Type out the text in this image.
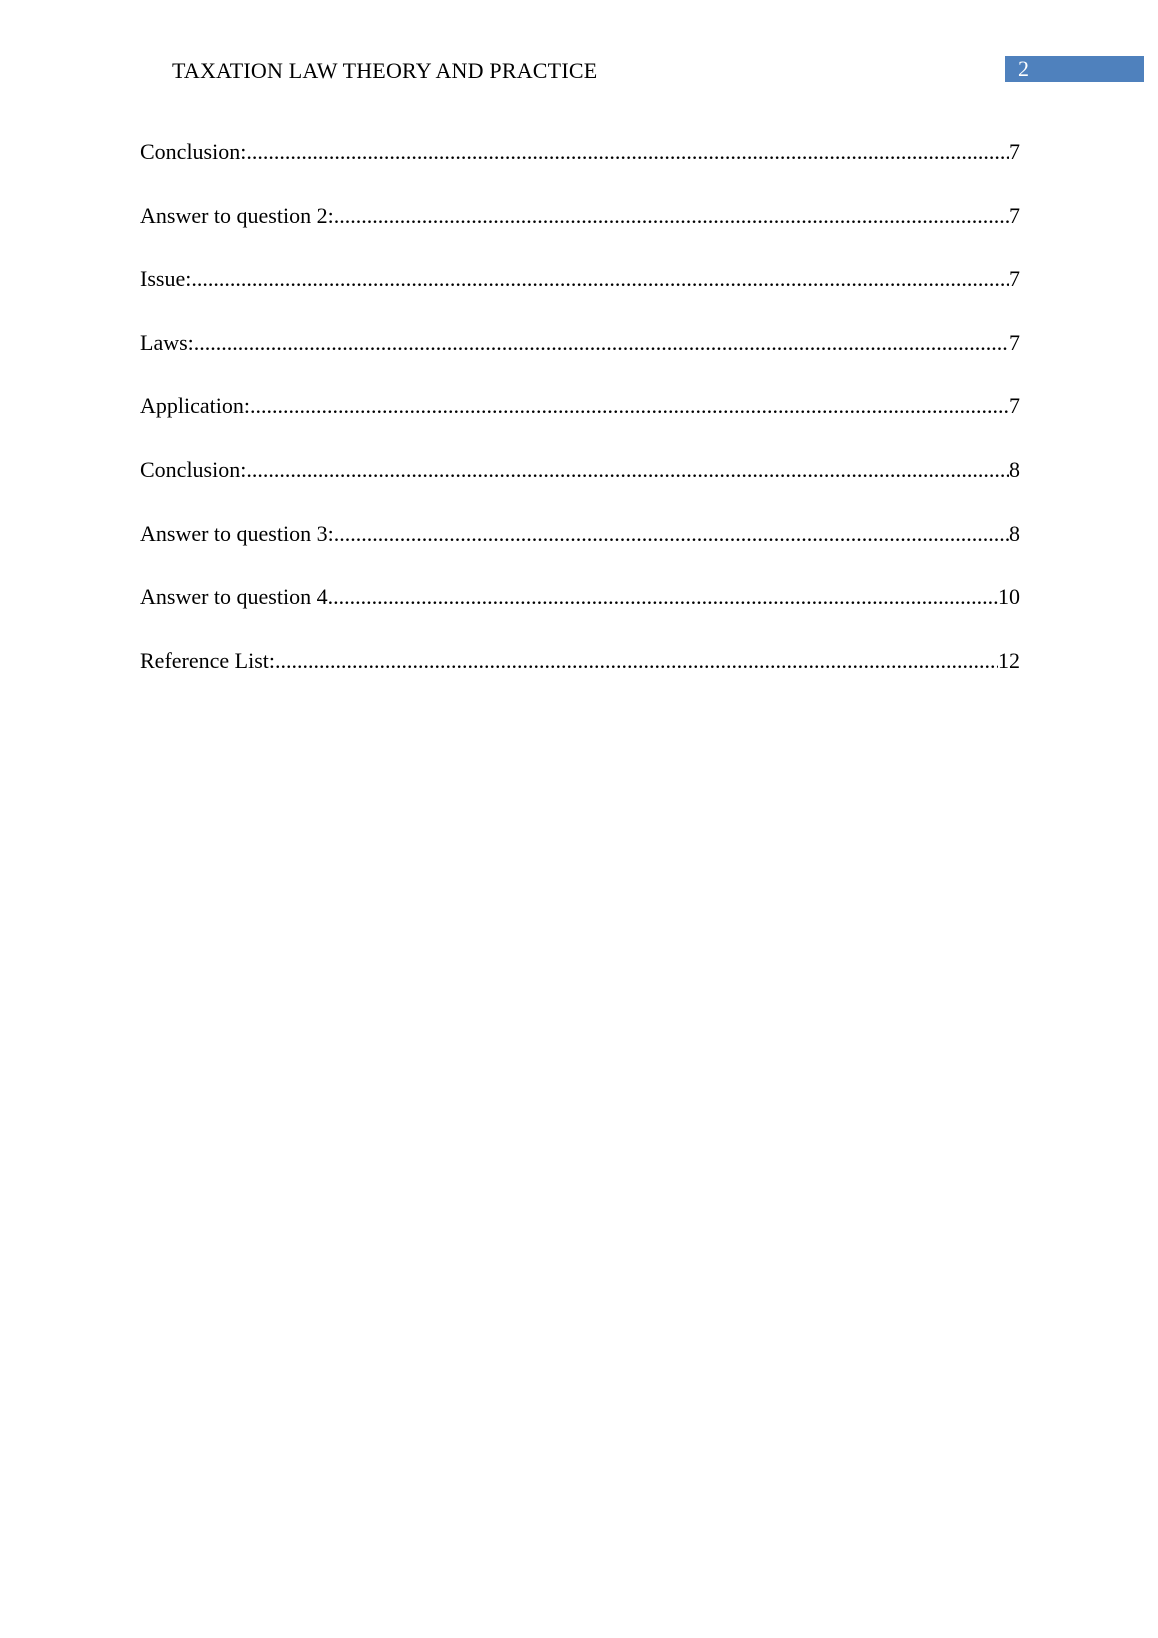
TAXATION LAW THEORY AND PRACTICE	2
Conclusion: .....	7
Answer to question 2: .....	7
Issue: .....	7
Laws: .....	7
Application: .....	7
Conclusion: .....	8
Answer to question 3: .....	8
Answer to question 4 .....	10
Reference List: .....	12
